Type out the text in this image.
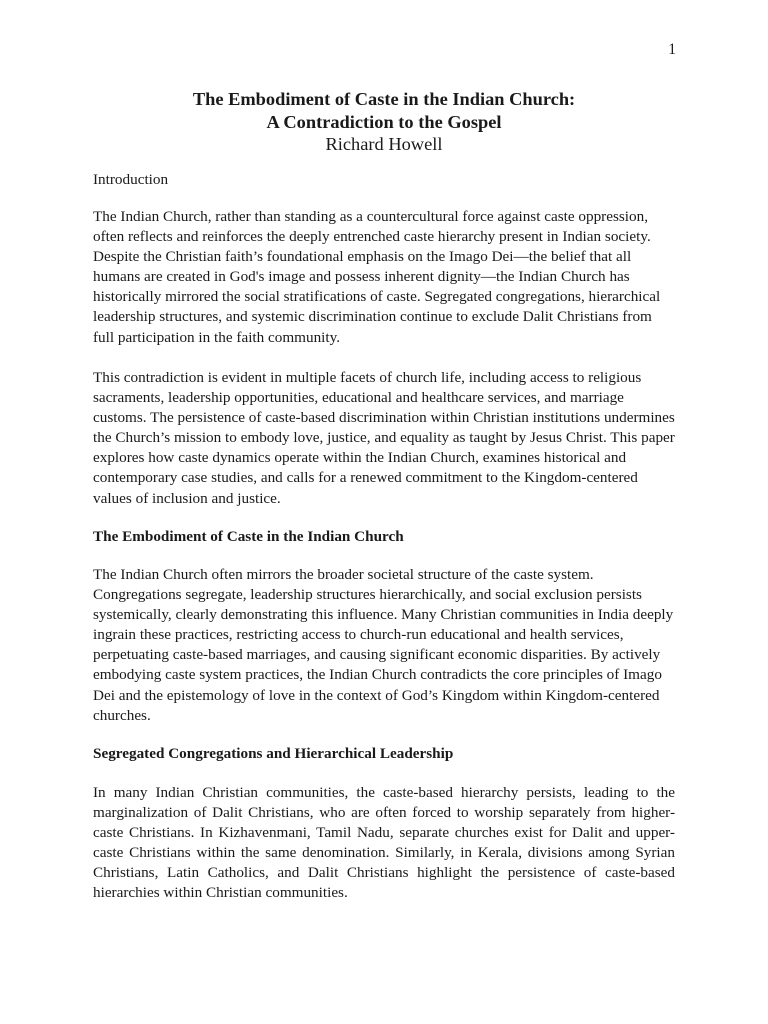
1
The Embodiment of Caste in the Indian Church:
A Contradiction to the Gospel
Richard Howell

Introduction

The Indian Church, rather than standing as a countercultural force against caste oppression, often reflects and reinforces the deeply entrenched caste hierarchy present in Indian society. Despite the Christian faith’s foundational emphasis on the Imago Dei—the belief that all humans are created in God's image and possess inherent dignity—the Indian Church has historically mirrored the social stratifications of caste. Segregated congregations, hierarchical leadership structures, and systemic discrimination continue to exclude Dalit Christians from full participation in the faith community.

This contradiction is evident in multiple facets of church life, including access to religious sacraments, leadership opportunities, educational and healthcare services, and marriage customs. The persistence of caste-based discrimination within Christian institutions undermines the Church’s mission to embody love, justice, and equality as taught by Jesus Christ. This paper explores how caste dynamics operate within the Indian Church, examines historical and contemporary case studies, and calls for a renewed commitment to the Kingdom-centered values of inclusion and justice.

The Embodiment of Caste in the Indian Church

The Indian Church often mirrors the broader societal structure of the caste system. Congregations segregate, leadership structures hierarchically, and social exclusion persists systemically, clearly demonstrating this influence. Many Christian communities in India deeply ingrain these practices, restricting access to church-run educational and health services, perpetuating caste-based marriages, and causing significant economic disparities. By actively embodying caste system practices, the Indian Church contradicts the core principles of Imago Dei and the epistemology of love in the context of God’s Kingdom within Kingdom-centered churches.

Segregated Congregations and Hierarchical Leadership

In many Indian Christian communities, the caste-based hierarchy persists, leading to the marginalization of Dalit Christians, who are often forced to worship separately from higher-caste Christians. In Kizhavenmani, Tamil Nadu, separate churches exist for Dalit and upper-caste Christians within the same denomination. Similarly, in Kerala, divisions among Syrian Christians, Latin Catholics, and Dalit Christians highlight the persistence of caste-based hierarchies within Christian communities.
